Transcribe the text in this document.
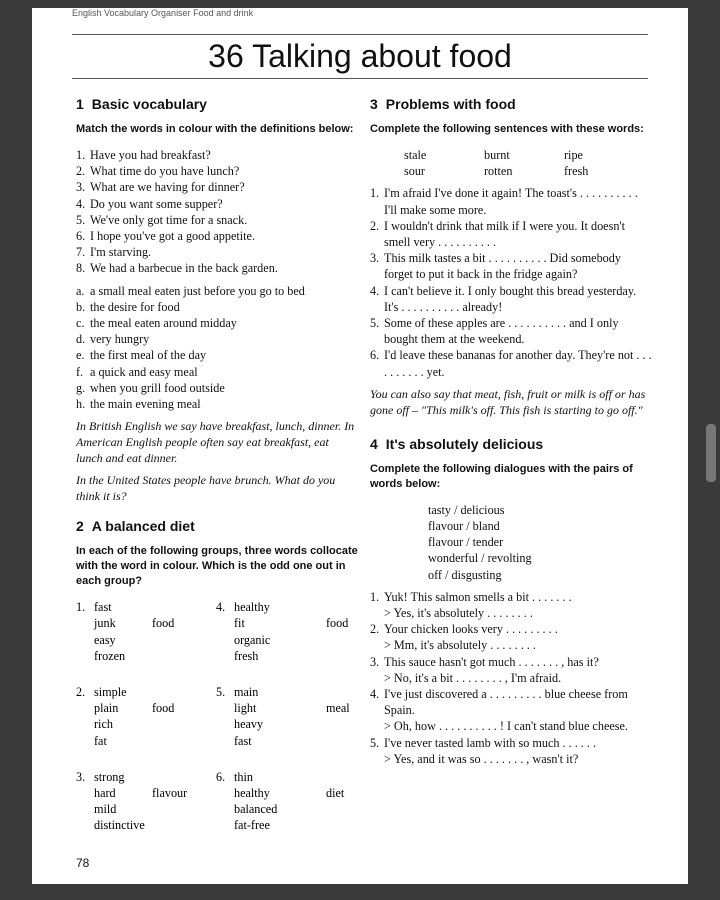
English Vocabulary Organiser Food and drink
36 Talking about food
1 Basic vocabulary
Match the words in colour with the definitions below:
1. Have you had breakfast?
2. What time do you have lunch?
3. What are we having for dinner?
4. Do you want some supper?
5. We've only got time for a snack.
6. I hope you've got a good appetite.
7. I'm starving.
8. We had a barbecue in the back garden.
a. a small meal eaten just before you go to bed
b. the desire for food
c. the meal eaten around midday
d. very hungry
e. the first meal of the day
f. a quick and easy meal
g. when you grill food outside
h. the main evening meal
In British English we say have breakfast, lunch, dinner. In American English people often say eat breakfast, eat lunch and eat dinner.
In the United States people have brunch. What do you think it is?
2 A balanced diet
In each of the following groups, three words collocate with the word in colour. Which is the odd one out in each group?
1. fast
junk	food
easy
frozen
4. healthy
fit	food
organic
fresh
2. simple
plain	food
rich
fat
5. main
light	meal
heavy
fast
3. strong
hard	flavour
mild
distinctive
6. thin
healthy	diet
balanced
fat-free
3 Problems with food
Complete the following sentences with these words:
stale	burnt	ripe
sour	rotten	fresh
1. I'm afraid I've done it again! The toast's . . . . . . . . . . I'll make some more.
2. I wouldn't drink that milk if I were you. It doesn't smell very . . . . . . . . . .
3. This milk tastes a bit . . . . . . . . . . Did somebody forget to put it back in the fridge again?
4. I can't believe it. I only bought this bread yesterday. It's . . . . . . . . . . already!
5. Some of these apples are . . . . . . . . . . and I only bought them at the weekend.
6. I'd leave these bananas for another day. They're not . . . . . . . . . . yet.
You can also say that meat, fish, fruit or milk is off or has gone off – "This milk's off. This fish is starting to go off."
4 It's absolutely delicious
Complete the following dialogues with the pairs of words below:
tasty / delicious
flavour / bland
flavour / tender
wonderful / revolting
off / disgusting
1. Yuk! This salmon smells a bit . . . . . . .
> Yes, it's absolutely . . . . . . . .
2. Your chicken looks very . . . . . . . . .
> Mm, it's absolutely . . . . . . . .
3. This sauce hasn't got much . . . . . . . , has it?
> No, it's a bit . . . . . . . . , I'm afraid.
4. I've just discovered a . . . . . . . . . blue cheese from Spain.
> Oh, how . . . . . . . . . . ! I can't stand blue cheese.
5. I've never tasted lamb with so much . . . . . .
> Yes, and it was so . . . . . . . , wasn't it?
78
